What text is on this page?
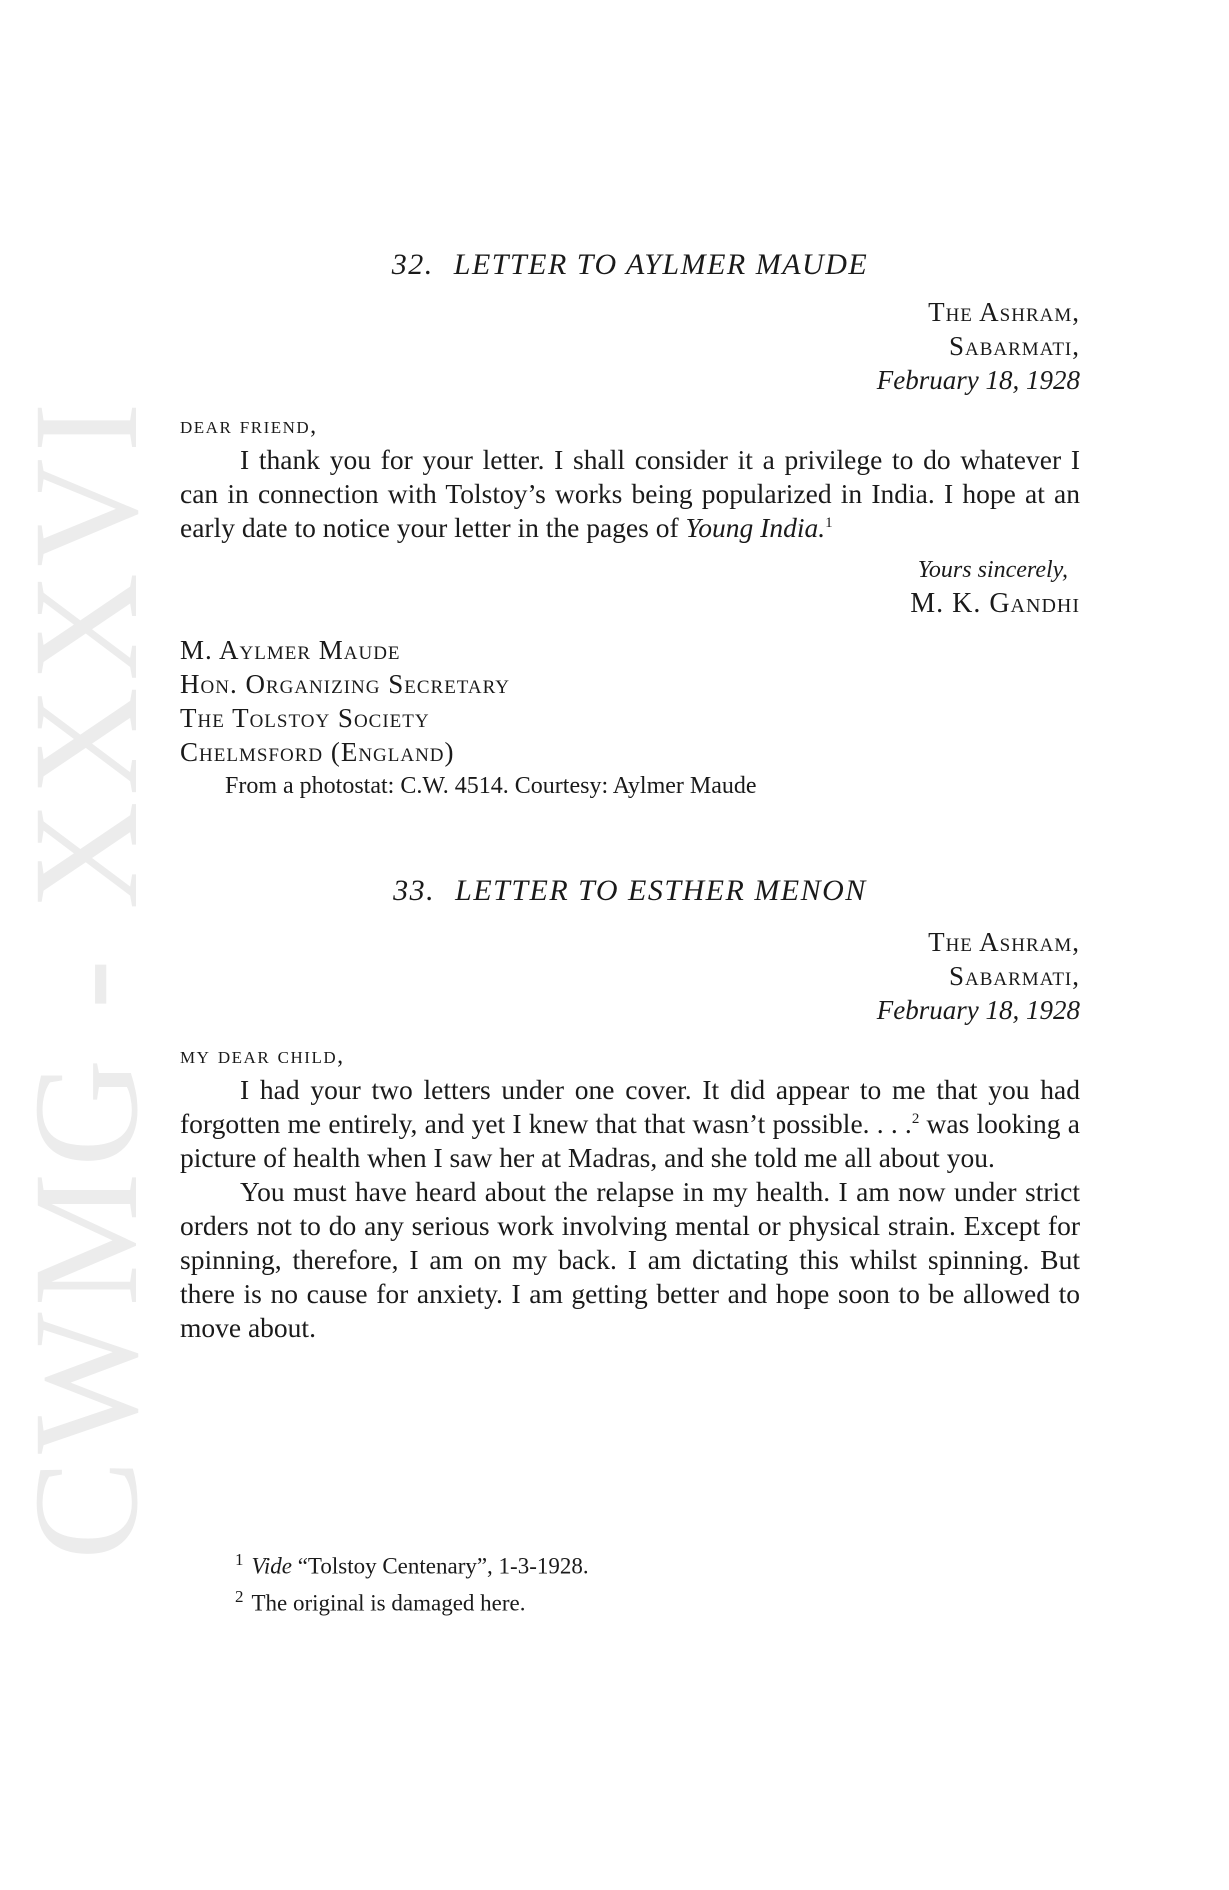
CWMG - XXXVI

32. LETTER TO AYLMER MAUDE

The Ashram,
Sabarmati,
February 18, 1928
dear friend,

I thank you for your letter. I shall consider it a privilege to do whatever I can in connection with Tolstoy’s works being popularized in India. I hope at an early date to notice your letter in the pages of Young India.$^1$

Yours sincerely,
M. K. Gandhi
M. Aylmer Maude
Hon. Organizing Secretary
The Tolstoy Society
Chelmsford (England)
From a photostat: C.W. 4514. Courtesy: Aylmer Maude

33. LETTER TO ESTHER MENON

The Ashram,
Sabarmati,
February 18, 1928
my dear child,

I had your two letters under one cover. It did appear to me that you had forgotten me entirely, and yet I knew that that wasn’t possible. . . .$^2$ was looking a picture of health when I saw her at Madras, and she told me all about you.

You must have heard about the relapse in my health. I am now under strict orders not to do any serious work involving mental or physical strain. Except for spinning, therefore, I am on my back. I am dictating this whilst spinning. But there is no cause for anxiety. I am getting better and hope soon to be allowed to move about.

$^1$ Vide “Tolstoy Centenary”, 1-3-1928.
$^2$ The original is damaged here.
